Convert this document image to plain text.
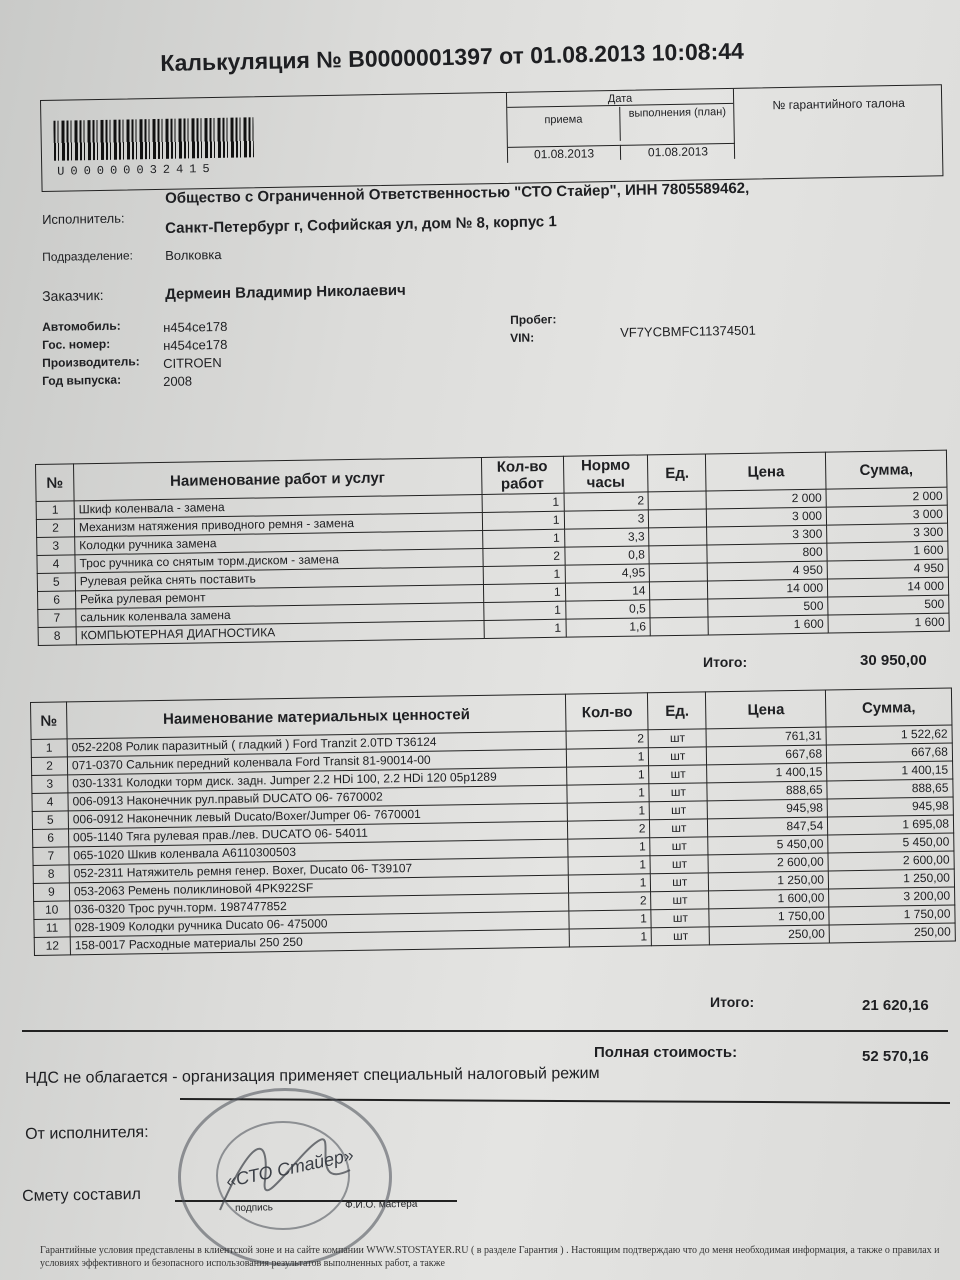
Калькуляция № В0000001397 от 01.08.2013 10:08:44
U00000032415
Дата
приема
выполнения (план)
01.08.2013	01.08.2013
№ гарантийного талона
Исполнитель:
Общество с Ограниченной Ответственностью "СТО Стайер", ИНН 7805589462,
Санкт-Петербург г, Софийская ул, дом № 8, корпус 1
Подразделение: Волковка
Заказчик:	Дермеин Владимир Николаевич
Автомобиль:	н454се178
Гос. номер:	н454се178
Производитель: CITROEN
Год выпуска:	2008
Пробег:
VIN:	VF7YCBMFC11374501
№	Наименование работ и услуг	Кол-во работ	Нормо часы	Ед.	Цена	Сумма,
1	Шкиф коленвала - замена	1	2		2 000	2 000
2	Механизм натяжения приводного ремня - замена	1	3		3 000	3 000
3	Колодки ручника замена	1	3,3		3 300	3 300
4	Трос ручника со снятым торм.диском - замена	2	0,8		800	1 600
5	Рулевая рейка снять поставить	1	4,95		4 950	4 950
6	Рейка рулевая ремонт	1	14		14 000	14 000
7	сальник коленвала замена	1	0,5		500	500
8	КОМПЬЮТЕРНАЯ ДИАГНОСТИКА	1	1,6		1 600	1 600
Итого:	30 950,00
№	Наименование материальных ценностей	Кол-во	Ед.	Цена	Сумма,
1	052-2208 Ролик паразитный ( гладкий ) Ford Tranzit 2.0TD T36124	2	шт	761,31	1 522,62
2	071-0370 Сальник передний коленвала Ford Transit 81-90014-00	1	шт	667,68	667,68
3	030-1331 Колодки торм диск. задн. Jumper 2.2 HDi 100, 2.2 HDi 120 05р1289	1	шт	1 400,15	1 400,15
4	006-0913 Наконечник рул.правый DUCATO 06- 7670002	1	шт	888,65	888,65
5	006-0912 Наконечник левый Ducato/Boxer/Jumper 06- 7670001	1	шт	945,98	945,98
6	005-1140 Тяга рулевая прав./лев. DUCATO 06- 54011	2	шт	847,54	1 695,08
7	065-1020 Шкив коленвала A6110300503	1	шт	5 450,00	5 450,00
8	052-2311 Натяжитель ремня генер. Boxer, Ducato 06- T39107	1	шт	2 600,00	2 600,00
9	053-2063 Ремень поликлиновой 4PK922SF	1	шт	1 250,00	1 250,00
10	036-0320 Трос ручн.торм. 1987477852	2	шт	1 600,00	3 200,00
11	028-1909 Колодки ручника Ducato 06- 475000	1	шт	1 750,00	1 750,00
12	158-0017 Расходные материалы 250 250	1	шт	250,00	250,00
Итого:	21 620,16
Полная стоимость:	52 570,16
НДС не облагается - организация применяет специальный налоговый режим
От исполнителя:
Смету составил
подпись	Ф.И.О. мастера
«СТО Стайер»
Гарантийные условия представлены в клиентской зоне и на сайте компании WWW.STOSTAYER.RU ( в разделе Гарантия ) . Настоящим подтверждаю что до меня необходимая информация, а также о правилах и условиях эффективного и безопасного использования результатов выполненных работ, а тaкже
